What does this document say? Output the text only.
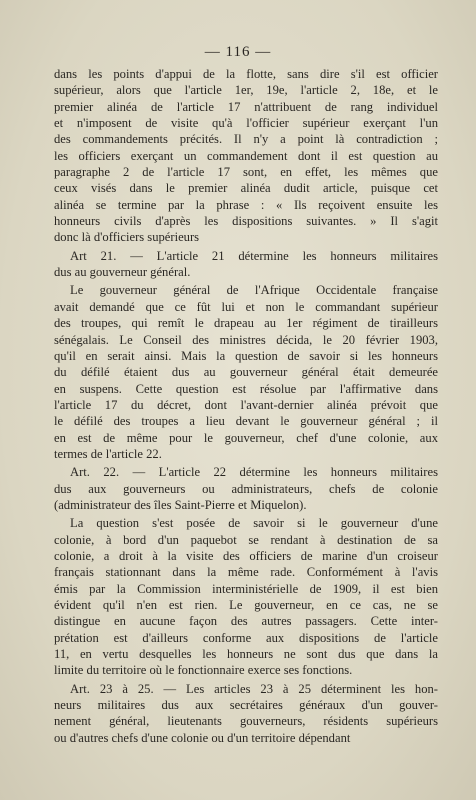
— 116 —
dans les points d'appui de la flotte, sans dire s'il est officier
supérieur, alors que l'article 1er, 19e, l'article 2, 18e, et le
premier alinéa de l'article 17 n'attribuent de rang individuel
et n'imposent de visite qu'à l'officier supérieur exerçant l'un
des commandements précités. Il n'y a point là contradiction ;
les officiers exerçant un commandement dont il est question au
paragraphe 2 de l'article 17 sont, en effet, les mêmes que
ceux visés dans le premier alinéa dudit article, puisque cet
alinéa se termine par la phrase : « Ils reçoivent ensuite les
honneurs civils d'après les dispositions suivantes. » Il s'agit
donc là d'officiers supérieurs
Art 21. — L'article 21 détermine les honneurs militaires
dus au gouverneur général.
Le gouverneur général de l'Afrique Occidentale française
avait demandé que ce fût lui et non le commandant supérieur
des troupes, qui remît le drapeau au 1er régiment de tirailleurs
sénégalais. Le Conseil des ministres décida, le 20 février 1903,
qu'il en serait ainsi. Mais la question de savoir si les honneurs
du défilé étaient dus au gouverneur général était demeurée
en suspens. Cette question est résolue par l'affirmative dans
l'article 17 du décret, dont l'avant-dernier alinéa prévoit que
le défilé des troupes a lieu devant le gouverneur général ; il
en est de même pour le gouverneur, chef d'une colonie, aux
termes de l'article 22.
Art. 22. — L'article 22 détermine les honneurs militaires
dus aux gouverneurs ou administrateurs, chefs de colonie
(administrateur des îles Saint-Pierre et Miquelon).
La question s'est posée de savoir si le gouverneur d'une
colonie, à bord d'un paquebot se rendant à destination de sa
colonie, a droit à la visite des officiers de marine d'un croiseur
français stationnant dans la même rade. Conformément à l'avis
émis par la Commission interministérielle de 1909, il est bien
évident qu'il n'en est rien. Le gouverneur, en ce cas, ne se
distingue en aucune façon des autres passagers. Cette inter-
prétation est d'ailleurs conforme aux dispositions de l'article
11, en vertu desquelles les honneurs ne sont dus que dans la
limite du territoire où le fonctionnaire exerce ses fonctions.
Art. 23 à 25. — Les articles 23 à 25 déterminent les hon-
neurs militaires dus aux secrétaires généraux d'un gouver-
nement général, lieutenants gouverneurs, résidents supérieurs
ou d'autres chefs d'une colonie ou d'un territoire dépendant
